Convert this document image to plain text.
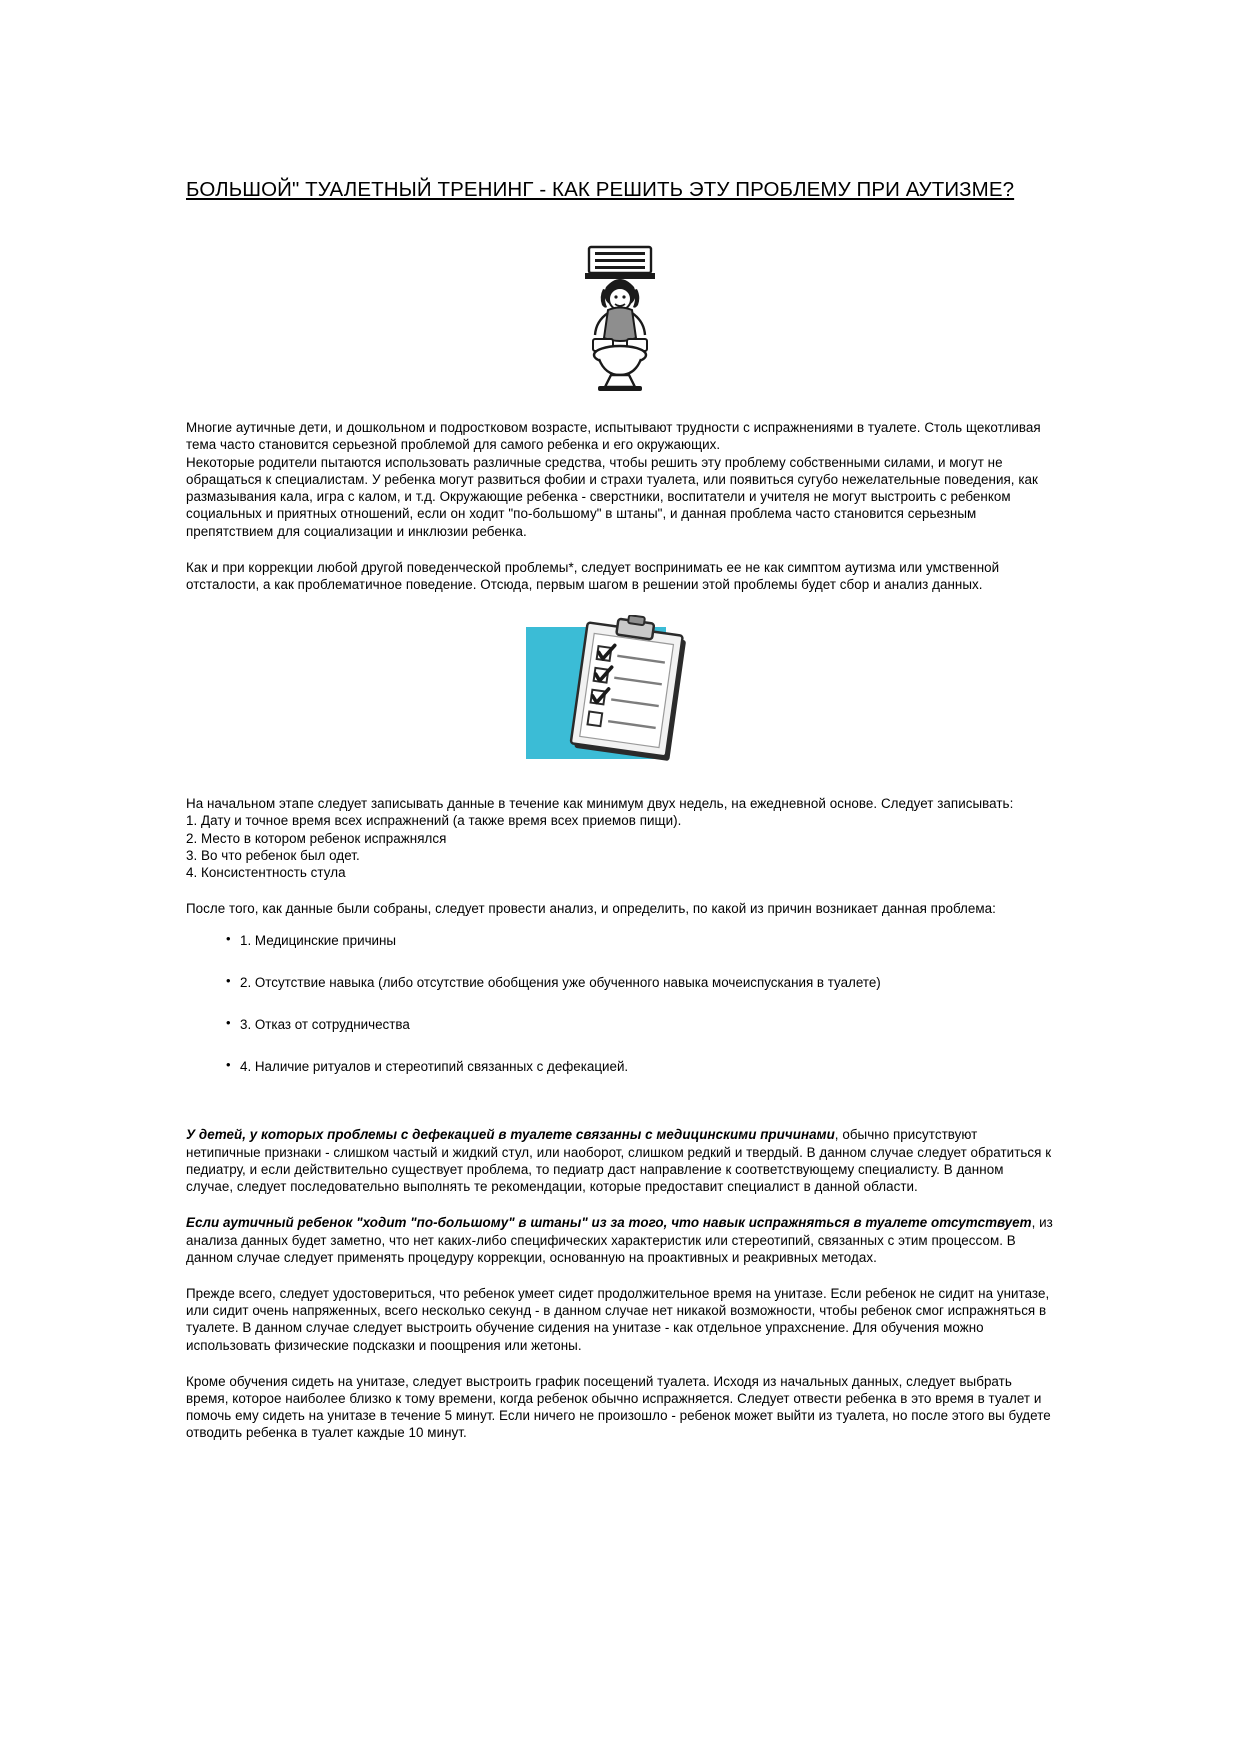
БОЛЬШОЙ" ТУАЛЕТНЫЙ ТРЕНИНГ - КАК РЕШИТЬ ЭТУ ПРОБЛЕМУ ПРИ АУТИЗМЕ?

Многие аутичные дети, и дошкольном и подростковом возрасте, испытывают трудности с испражнениями в туалете. Столь щекотливая тема часто становится серьезной проблемой для самого ребенка и его окружающих.

Некоторые родители пытаются использовать различные средства, чтобы решить эту проблему собственными силами, и могут не обращаться к специалистам. У ребенка могут развиться фобии и страхи туалета, или появиться сугубо нежелательные поведения, как размазывания кала, игра с калом, и т.д. Окружающие ребенка - сверстники, воспитатели и учителя не могут выстроить с ребенком социальных и приятных отношений, если он ходит "по-большому" в штаны", и данная проблема часто становится серьезным препятствием для социализации и инклюзии ребенка.

Как и при коррекции любой другой поведенческой проблемы*, следует воспринимать ее не как симптом аутизма или умственной отсталости, а как проблематичное поведение. Отсюда, первым шагом в решении этой проблемы будет сбор и анализ данных.

На начальном этапе следует записывать данные в течение как минимум двух недель, на ежедневной основе. Следует записывать:

1. Дату и точное время всех испражнений (а также время всех приемов пищи).

2. Место в котором ребенок испражнялся

3. Во что ребенок был одет.

4. Консистентность стула

После того, как данные были собраны, следует провести анализ, и определить, по какой из причин возникает данная проблема:

• 1. Медицинские причины
• 2. Отсутствие навыка (либо отсутствие обобщения уже обученного навыка мочеиспускания в туалете)
• 3. Отказ от сотрудничества
• 4. Наличие ритуалов и стереотипий связанных с дефекацией.

У детей, у которых проблемы с дефекацией в туалете связанны с медицинскими причинами, обычно присутствуют нетипичные признаки - слишком частый и жидкий стул, или наоборот, слишком редкий и твердый. В данном случае следует обратиться к педиатру, и если действительно существует проблема, то педиатр даст направление к соответствующему специалисту. В данном случае, следует последовательно выполнять те рекомендации, которые предоставит специалист в данной области.

Если аутичный ребенок "ходит "по-большому" в штаны" из за того, что навык испражняться в туалете отсутствует, из анализа данных будет заметно, что нет каких-либо специфических характеристик или стереотипий, связанных с этим процессом. В данном случае следует применять процедуру коррекции, основанную на проактивных и реакривных методах.

Прежде всего, следует удостовериться, что ребенок умеет сидет продолжительное время на унитазе. Если ребенок не сидит на унитазе, или сидит очень напряженных, всего несколько секунд - в данном случае нет никакой возможности, чтобы ребенок смог испражняться в туалете. В данном случае следует выстроить обучение сидения на унитазе - как отдельное упрахснение. Для обучения можно использовать физические подсказки и поощрения или жетоны.

Кроме обучения сидеть на унитазе, следует выстроить график посещений туалета. Исходя из начальных данных, следует выбрать время, которое наиболее близко к тому времени, когда ребенок обычно испражняется. Следует отвести ребенка в это время в туалет и помочь ему сидеть на унитазе в течение 5 минут. Если ничего не произошло - ребенок может выйти из туалета, но после этого вы будете отводить ребенка в туалет каждые 10 минут.
